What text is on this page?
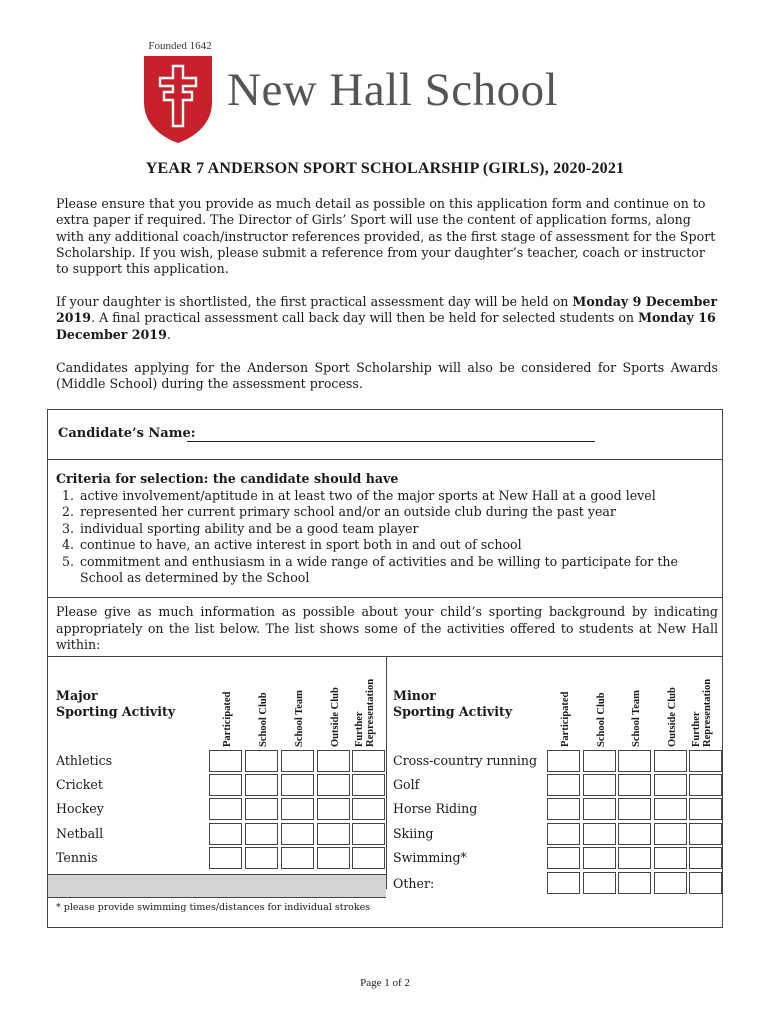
Founded 1642
New Hall School
YEAR 7 ANDERSON SPORT SCHOLARSHIP (GIRLS), 2020-2021
Please ensure that you provide as much detail as possible on this application form and continue on to extra paper if required. The Director of Girls’ Sport will use the content of application forms, along with any additional coach/instructor references provided, as the first stage of assessment for the Sport Scholarship. If you wish, please submit a reference from your daughter’s teacher, coach or instructor to support this application.
If your daughter is shortlisted, the first practical assessment day will be held on Monday 9 December 2019. A final practical assessment call back day will then be held for selected students on Monday 16 December 2019.
Candidates applying for the Anderson Sport Scholarship will also be considered for Sports Awards (Middle School) during the assessment process.
Candidate’s Name:
Criteria for selection: the candidate should have
1. active involvement/aptitude in at least two of the major sports at New Hall at a good level
2. represented her current primary school and/or an outside club during the past year
3. individual sporting ability and be a good team player
4. continue to have, an active interest in sport both in and out of school
5. commitment and enthusiasm in a wide range of activities and be willing to participate for the School as determined by the School
Please give as much information as possible about your child’s sporting background by indicating appropriately on the list below. The list shows some of the activities offered to students at New Hall within:
Major
Sporting Activity
Minor
Sporting Activity
Participated School Club School Team Outside Club Further
Representation	Participated School Club School Team Outside Club Further
Representation
Athletics
Cricket
Hockey
Netball
Tennis
Cross-country running
Golf
Horse Riding
Skiing
Swimming*
Other:
* please provide swimming times/distances for individual strokes
Page 1 of 2
